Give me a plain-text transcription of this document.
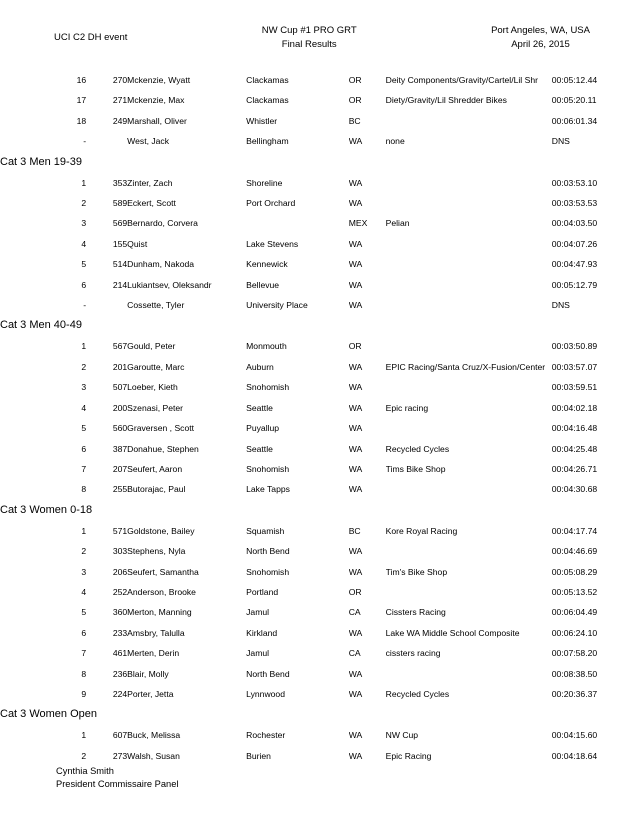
UCI C2 DH event
NW Cup #1 PRO GRT
Final Results
Port Angeles, WA, USA
April 26, 2015
16	270	Mckenzie, Wyatt	Clackamas	OR	Deity Components/Gravity/Cartel/Lil Shr	00:05:12.44
17	271	Mckenzie, Max	Clackamas	OR	Diety/Gravity/Lil Shredder Bikes	00:05:20.11
18	249	Marshall, Oliver	Whistler	BC		00:06:01.34
-		West, Jack	Bellingham	WA	none	DNS
Cat 3 Men 19-39						
1	353	Zinter, Zach	Shoreline	WA		00:03:53.10
2	589	Eckert, Scott	Port Orchard	WA		00:03:53.53
3	569	Bernardo, Corvera		MEX	Pelian	00:04:03.50
4	155	Quist	Lake Stevens	WA		00:04:07.26
5	514	Dunham, Nakoda	Kennewick	WA		00:04:47.93
6	214	Lukiantsev, Oleksandr	Bellevue	WA		00:05:12.79
-		Cossette, Tyler	University Place	WA		DNS
Cat 3 Men 40-49						
1	567	Gould, Peter	Monmouth	OR		00:03:50.89
2	201	Garoutte, Marc	Auburn	WA	EPIC Racing/Santa Cruz/X-Fusion/Center	00:03:57.07
3	507	Loeber, Kieth	Snohomish	WA		00:03:59.51
4	200	Szenasi, Peter	Seattle	WA	Epic racing	00:04:02.18
5	560	Graversen , Scott	Puyallup	WA		00:04:16.48
6	387	Donahue, Stephen	Seattle	WA	Recycled Cycles	00:04:25.48
7	207	Seufert, Aaron	Snohomish	WA	Tims Bike Shop	00:04:26.71
8	255	Butorajac, Paul	Lake Tapps	WA		00:04:30.68
Cat 3 Women 0-18						
1	571	Goldstone, Bailey	Squamish	BC	Kore Royal Racing	00:04:17.74
2	303	Stephens, Nyla	North Bend	WA		00:04:46.69
3	206	Seufert, Samantha	Snohomish	WA	Tim's Bike Shop	00:05:08.29
4	252	Anderson, Brooke	Portland	OR		00:05:13.52
5	360	Merton, Manning	Jamul	CA	Cissters Racing	00:06:04.49
6	233	Amsbry, Talulla	Kirkland	WA	Lake WA Middle School Composite	00:06:24.10
7	461	Merten, Derin	Jamul	CA	cissters racing	00:07:58.20
8	236	Blair, Molly	North Bend	WA		00:08:38.50
9	224	Porter, Jetta	Lynnwood	WA	Recycled Cycles	00:20:36.37
Cat 3 Women Open						
1	607	Buck, Melissa	Rochester	WA	NW Cup	00:04:15.60
2	273	Walsh, Susan	Burien	WA	Epic Racing	00:04:18.64
Cynthia Smith
President Commissaire Panel
